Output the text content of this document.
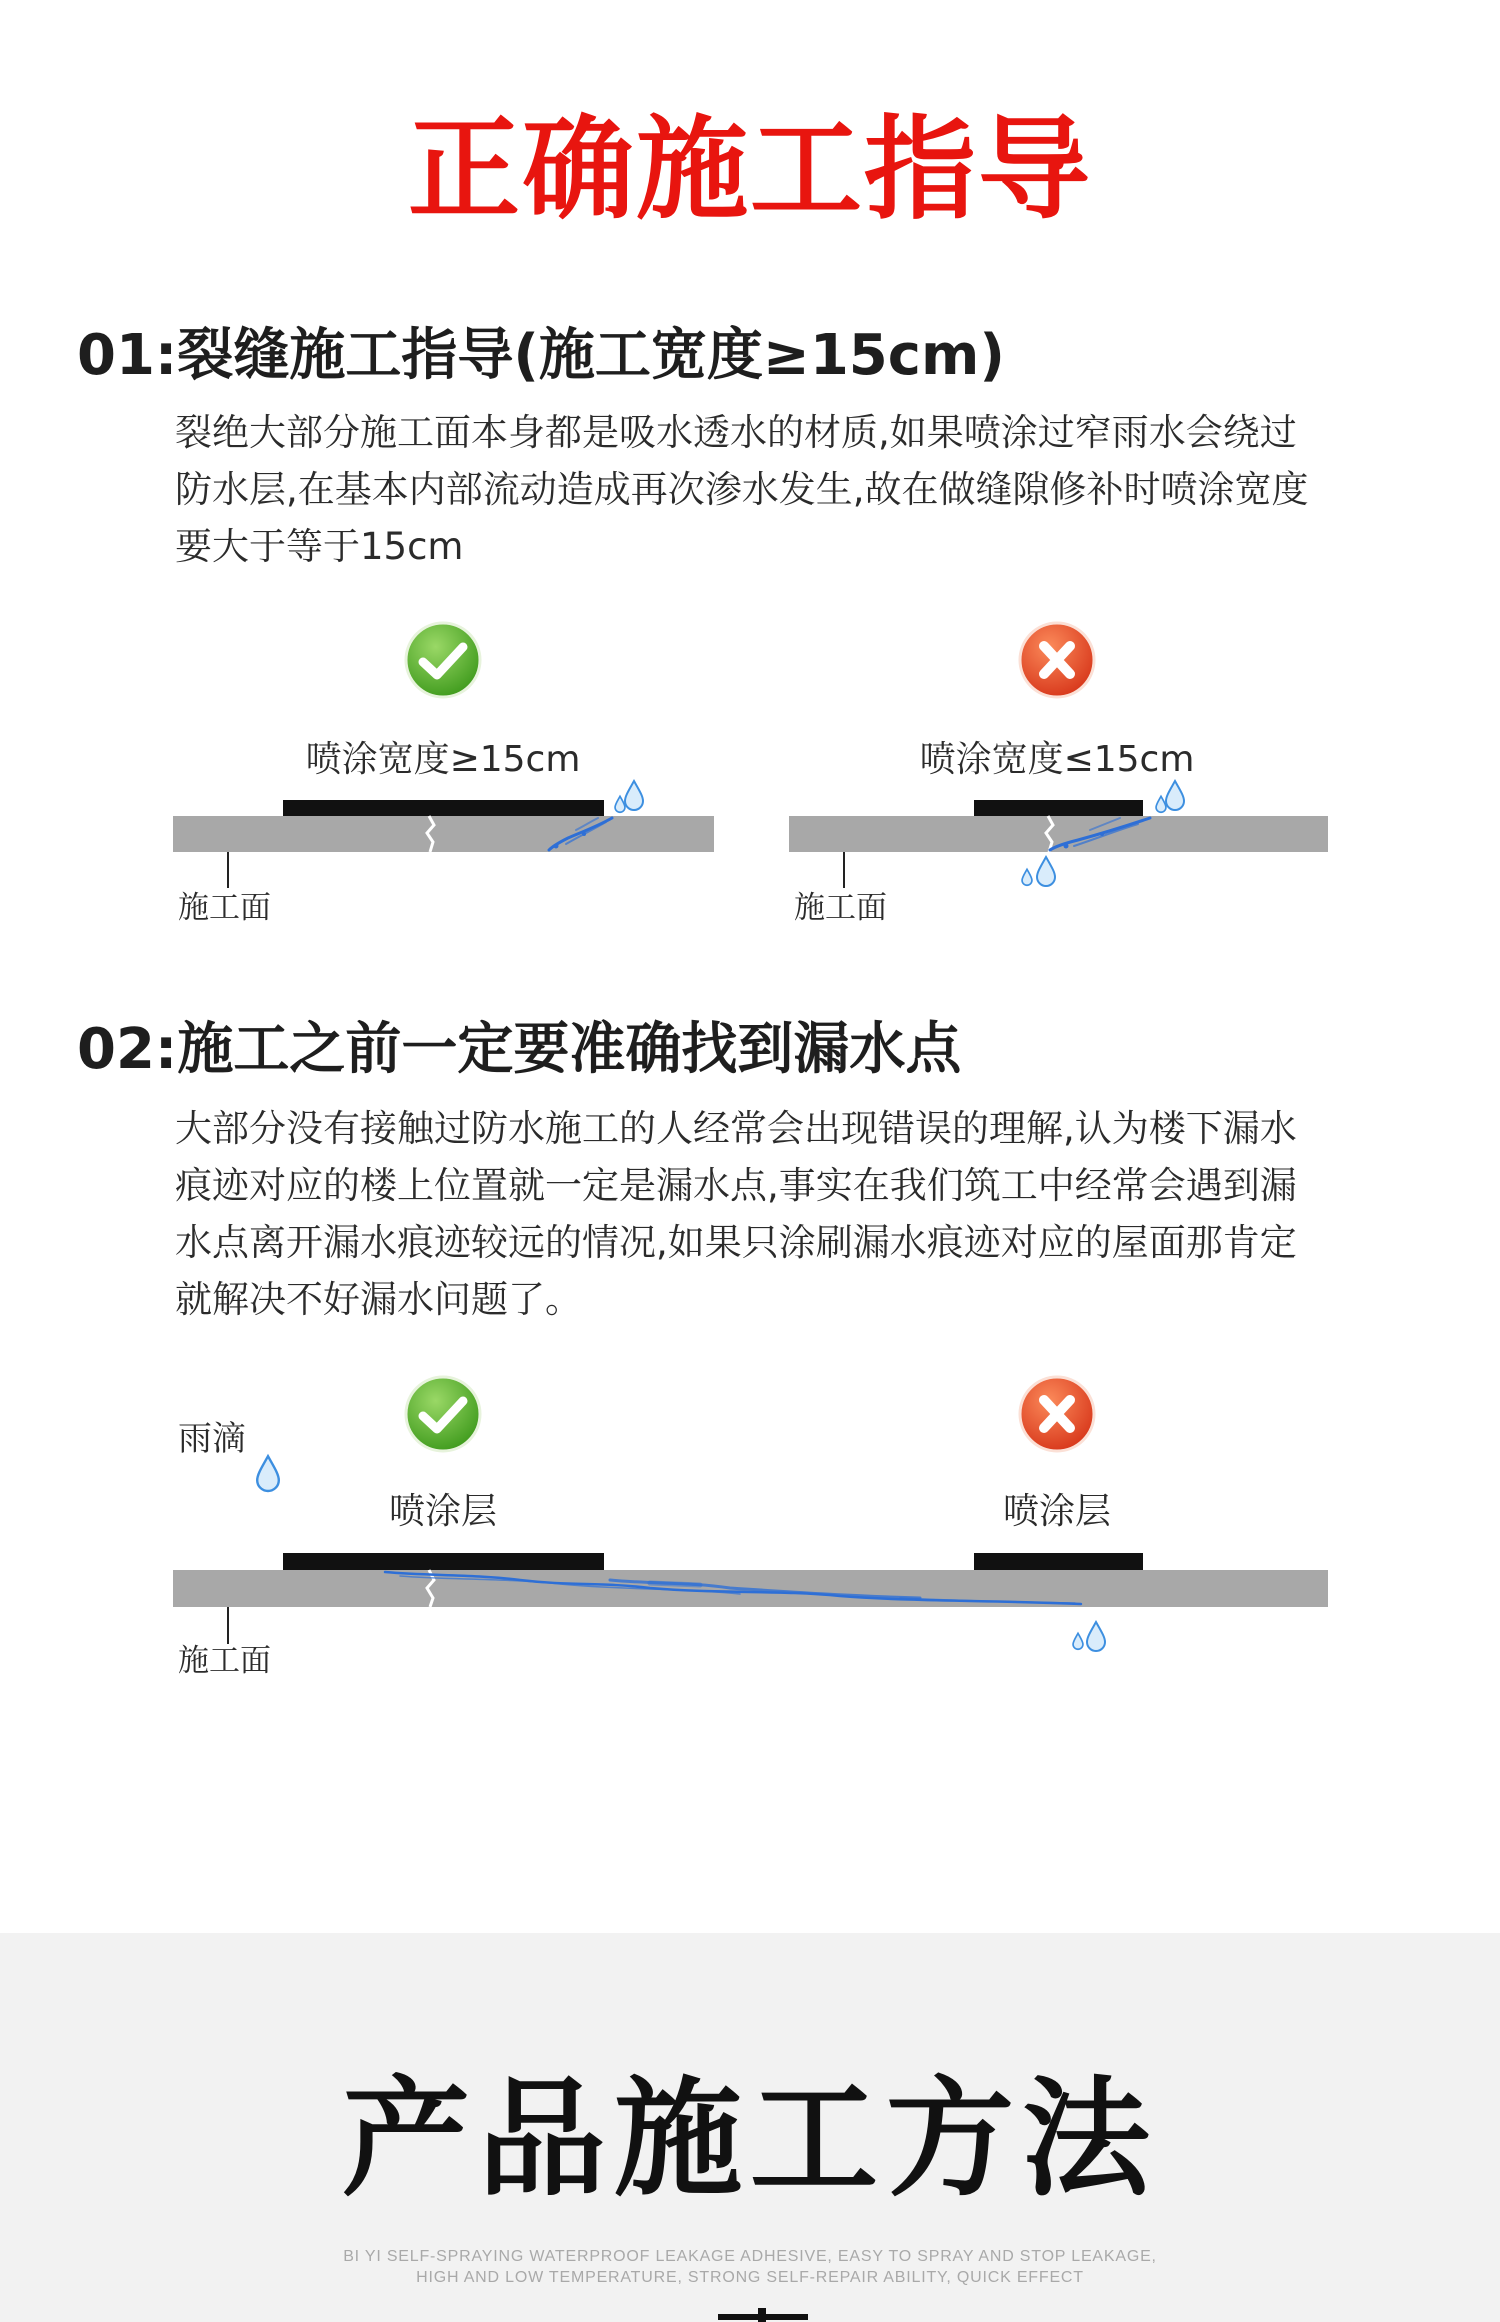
正确施工指导
01:裂缝施工指导(施工宽度≥15cm)
裂绝大部分施工面本身都是吸水透水的材质,如果喷涂过窄雨水会绕过
防水层,在基本内部流动造成再次渗水发生,故在做缝隙修补时喷涂宽度
要大于等于15cm
喷涂宽度≥15cm	喷涂宽度≤15cm
施工面	施工面
02:施工之前一定要准确找到漏水点
大部分没有接触过防水施工的人经常会出现错误的理解,认为楼下漏水
痕迹对应的楼上位置就一定是漏水点,事实在我们筑工中经常会遇到漏
水点离开漏水痕迹较远的情况,如果只涂刷漏水痕迹对应的屋面那肯定
就解决不好漏水问题了。
雨滴
喷涂层	喷涂层
施工面
产品施工方法
BI YI SELF-SPRAYING WATERPROOF LEAKAGE ADHESIVE, EASY TO SPRAY AND STOP LEAKAGE,
HIGH AND LOW TEMPERATURE, STRONG SELF-REPAIR ABILITY, QUICK EFFECT
